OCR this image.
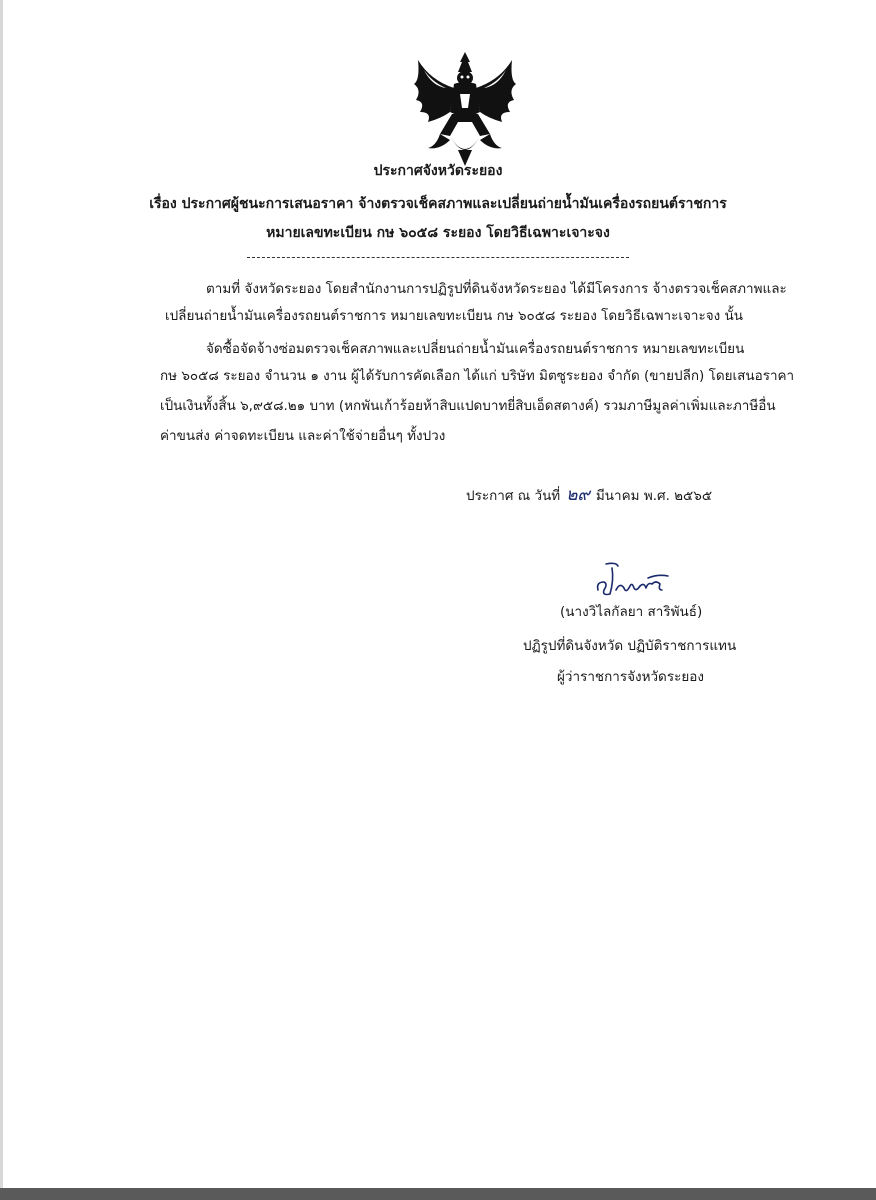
ประกาศจังหวัดระยอง
เรื่อง ประกาศผู้ชนะการเสนอราคา จ้างตรวจเช็คสภาพและเปลี่ยนถ่ายน้ำมันเครื่องรถยนต์ราชการ
หมายเลขทะเบียน กษ ๖๐๕๘ ระยอง โดยวิธีเฉพาะเจาะจง
ตามที่ จังหวัดระยอง โดยสำนักงานการปฏิรูปที่ดินจังหวัดระยอง ได้มีโครงการ จ้างตรวจเช็คสภาพและ
เปลี่ยนถ่ายน้ำมันเครื่องรถยนต์ราชการ หมายเลขทะเบียน กษ ๖๐๕๘ ระยอง โดยวิธีเฉพาะเจาะจง นั้น
จัดซื้อจัดจ้างซ่อมตรวจเช็คสภาพและเปลี่ยนถ่ายน้ำมันเครื่องรถยนต์ราชการ หมายเลขทะเบียน
กษ ๖๐๕๘ ระยอง จำนวน ๑ งาน ผู้ได้รับการคัดเลือก ได้แก่ บริษัท มิตซูระยอง จำกัด (ขายปลีก) โดยเสนอราคา
เป็นเงินทั้งสิ้น ๖,๙๕๘.๒๑ บาท (หกพันเก้าร้อยห้าสิบแปดบาทยี่สิบเอ็ดสตางค์) รวมภาษีมูลค่าเพิ่มและภาษีอื่น
ค่าขนส่ง ค่าจดทะเบียน และค่าใช้จ่ายอื่นๆ ทั้งปวง
ประกาศ ณ วันที่ ๒๙ มีนาคม พ.ศ. ๒๕๖๕
(นางวิไลกัลยา สาริพันธ์)
ปฏิรูปที่ดินจังหวัด ปฏิบัติราชการแทน
ผู้ว่าราชการจังหวัดระยอง
